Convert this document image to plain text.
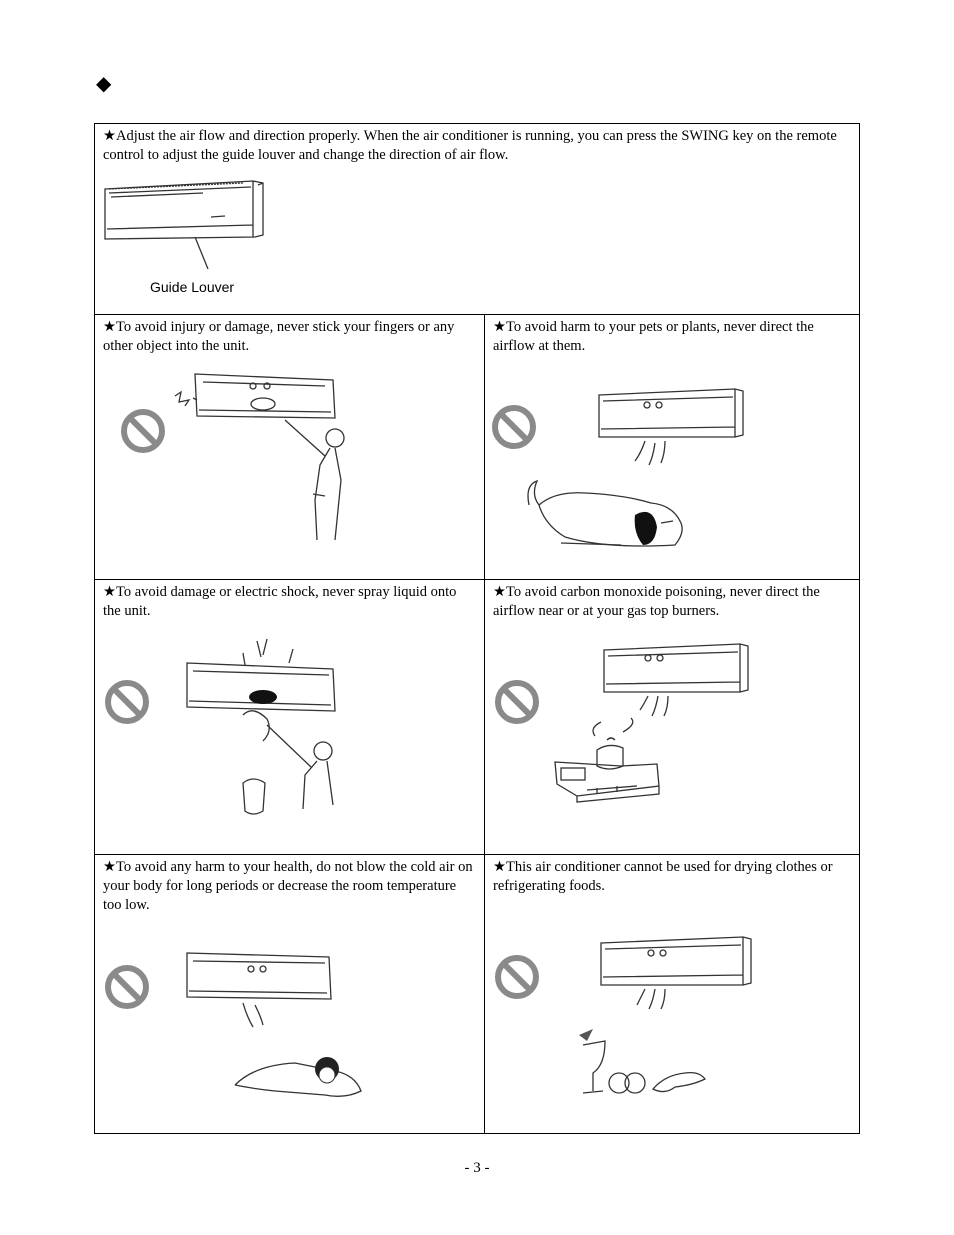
◆
★Adjust the air flow and direction properly. When the air conditioner is running, you can press the SWING key on the remote control to adjust the guide louver and change the direction of air flow.
Guide Louver
★To avoid injury or damage, never stick your fingers or any other object into the unit.
★To avoid harm to your pets or plants, never direct the airflow at them.
★To avoid damage or electric shock, never spray liquid onto the unit.
★To avoid carbon monoxide poisoning, never direct the airflow near or at your gas top burners.
★To avoid any harm to your health, do not blow the cold air on your body for long periods or decrease the room temperature too low.
★This air conditioner cannot be used for drying clothes or refrigerating foods.
- 3 -
